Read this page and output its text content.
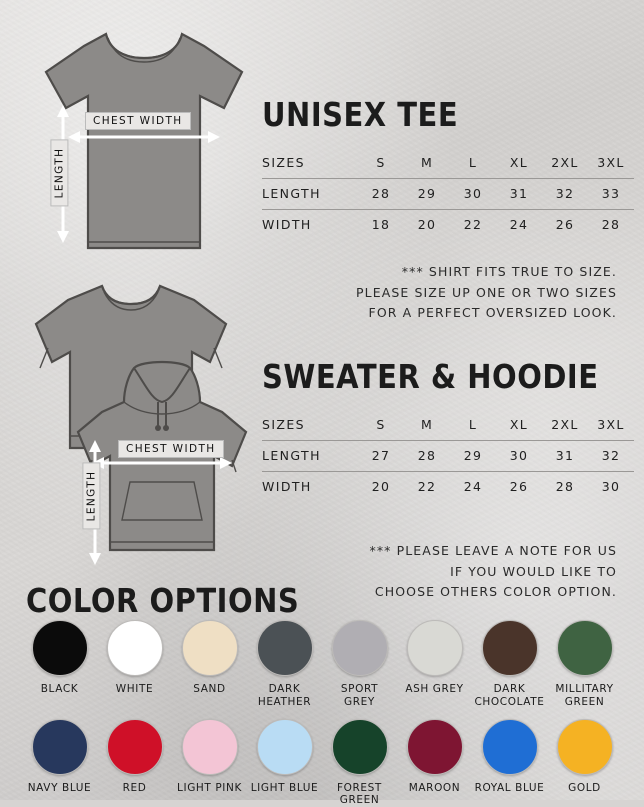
CHEST WIDTH
LENGTH
UNISEX TEE
SIZES	S	M	L	XL	2XL	3XL

LENGTH	28	29	30	31	32	33

WIDTH	18	20	22	24	26	28
*** SHIRT FITS TRUE TO SIZE.
PLEASE SIZE UP ONE OR TWO SIZES
FOR A PERFECT OVERSIZED LOOK.
CHEST WIDTH
LENGTH
SWEATER & HOODIE
SIZES	S	M	L	XL	2XL	3XL

LENGTH	27	28	29	30	31	32

WIDTH	20	22	24	26	28	30
*** PLEASE LEAVE A NOTE FOR US
IF YOU WOULD LIKE TO
CHOOSE OTHERS COLOR OPTION.
COLOR OPTIONS
BLACK	WHITE	SAND	DARK HEATHER
SPORT GREY
ASH GREY	DARK CHOCOLATE
MILLITARY GREEN
NAVY BLUE	RED	LIGHT PINK LIGHT BLUE	FOREST GREEN
MAROON ROYAL BLUE GOLD
